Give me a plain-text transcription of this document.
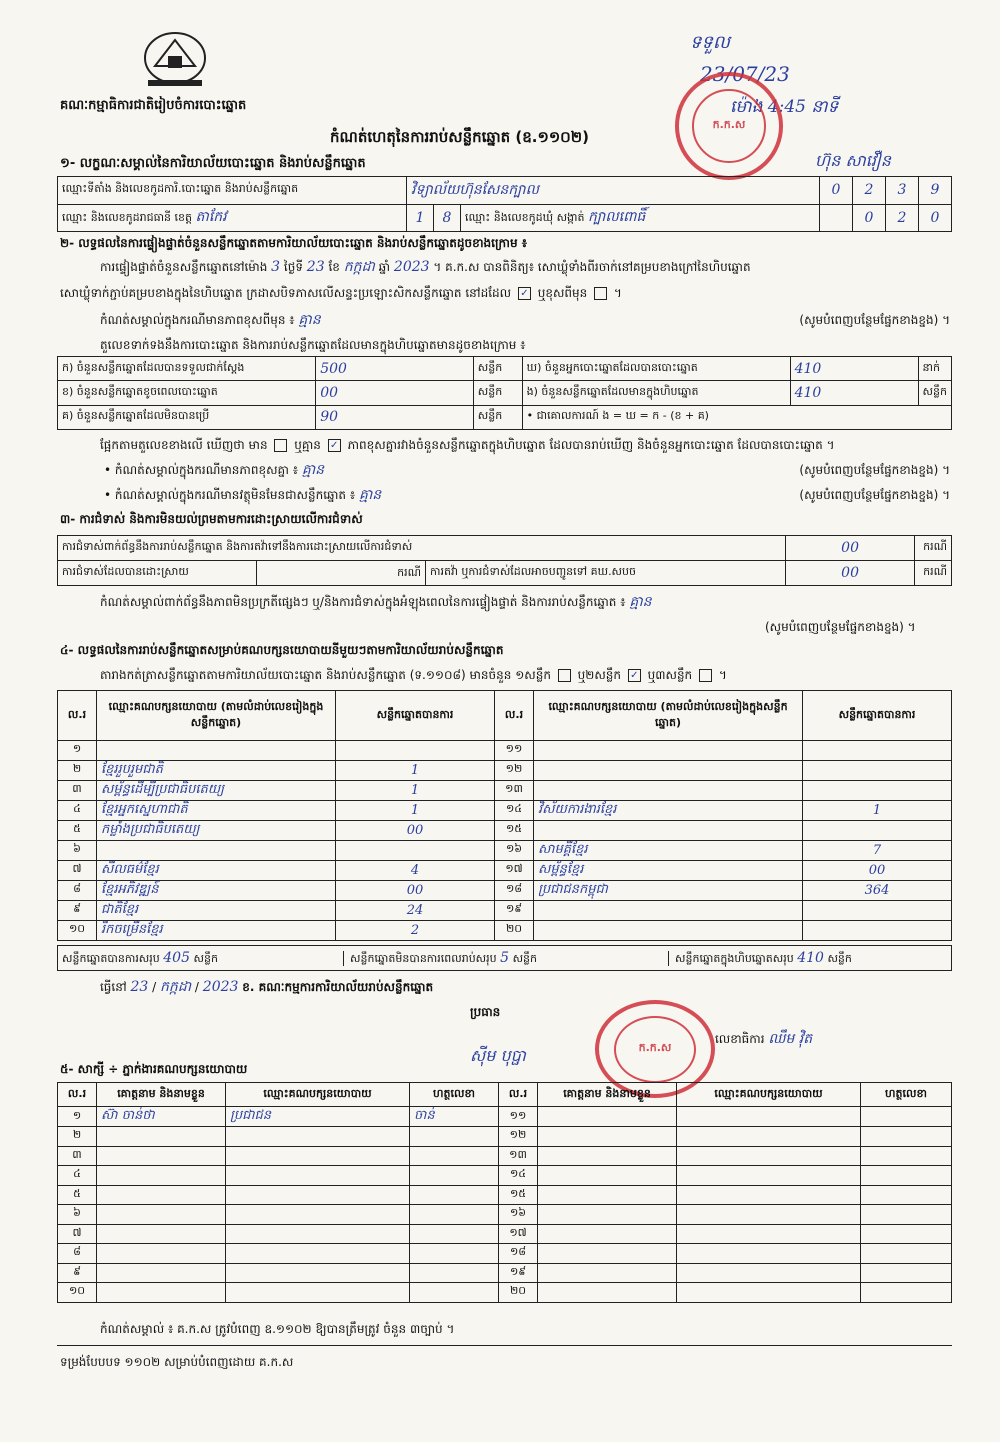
គណៈកម្មាធិការជាតិរៀបចំការបោះឆ្នោត
កំណត់ហេតុនៃការរាប់សន្លឹកឆ្នោត (ឧ.១១០២)
ទទួល
23/07/23
ម៉ោង 4:45 នាទី
ហ៊ុន សាវឿន
ក.ក.ស
១- លក្ខណៈសម្គាល់នៃការិយាល័យបោះឆ្នោត និងរាប់សន្លឹកឆ្នោត
ឈ្មោះទីតាំង និងលេខកូដការិ.បោះឆ្នោត និងរាប់សន្លឹកឆ្នោត	វិទ្យាល័យហ៊ុនសែនក្បាល			0	2	3	9
ឈ្មោះ និងលេខកូដរាជធានី ខេត្ត តាកែវ	1	8	ឈ្មោះ និងលេខកូដឃុំ សង្កាត់ ក្បាលពោធិ៍		0	2	0
២- លទ្ធផលនៃការផ្ទៀងផ្ទាត់ចំនួនសន្លឹកឆ្នោតតាមការិយាល័យបោះឆ្នោត និងរាប់សន្លឹកឆ្នោតដូចខាងក្រោម ៖
ការផ្ទៀងផ្ទាត់ចំនួនសន្លឹកឆ្នោតនៅម៉ោង 3 ថ្ងៃទី 23 ខែ កក្កដា ឆ្នាំ 2023 ។ គ.ក.ស បានពិនិត្យ៖ សោឃ្លុំទាំងពីរចាក់នៅគម្របខាងក្រៅនៃហិបឆ្នោត
សោឃ្លុំទាក់ភ្ជាប់គម្របខាងក្នុងនៃហិបឆ្នោត ក្រដាសបិទភាសលើសន្ទះប្រឡោះសិកសន្លឹកឆ្នោត នៅដដែល ✓ ឬខុសពីមុន ។
កំណត់សម្គាល់ក្នុងករណីមានភាពខុសពីមុន ៖ គ្មាន	(សូមបំពេញបន្ថែមផ្នែកខាងខ្នង) ។
តួលេខទាក់ទងនឹងការបោះឆ្នោត និងការរាប់សន្លឹកឆ្នោតដែលមានក្នុងហិបឆ្នោតមានដូចខាងក្រោម ៖
ក) ចំនួនសន្លឹកឆ្នោតដែលបានទទួលជាក់ស្តែង	500	សន្លឹក	ឃ) ចំនួនអ្នកបោះឆ្នោតដែលបានបោះឆ្នោត	410	នាក់
ខ) ចំនួនសន្លឹកឆ្នោតខូចពេលបោះឆ្នោត	00	សន្លឹក	ង) ចំនួនសន្លឹកឆ្នោតដែលមានក្នុងហិបឆ្នោត	410	សន្លឹក
គ) ចំនួនសន្លឹកឆ្នោតដែលមិនបានប្រើ	90	សន្លឹក	• ជាគោលការណ៍ ង = ឃ = ក - (ខ + គ)		
ផ្អែកតាមតួលេខខាងលើ ឃើញថា មាន ឬគ្មាន ✓ ភាពខុសគ្នារវាងចំនួនសន្លឹកឆ្នោតក្នុងហិបឆ្នោត ដែលបានរាប់ឃើញ និងចំនួនអ្នកបោះឆ្នោត ដែលបានបោះឆ្នោត ។
• កំណត់សម្គាល់ក្នុងករណីមានភាពខុសគ្នា ៖ គ្មាន	(សូមបំពេញបន្ថែមផ្នែកខាងខ្នង) ។
• កំណត់សម្គាល់ក្នុងករណីមានវត្ថុមិនមែនជាសន្លឹកឆ្នោត ៖ គ្មាន	(សូមបំពេញបន្ថែមផ្នែកខាងខ្នង) ។
៣- ការជំទាស់ និងការមិនយល់ព្រមតាមការដោះស្រាយលើការជំទាស់
ការជំទាស់ពាក់ព័ន្ធនឹងការរាប់សន្លឹកឆ្នោត និងការតវ៉ាទៅនឹងការដោះស្រាយលើការជំទាស់			00	ករណី
ការជំទាស់ដែលបានដោះស្រាយ	ករណី	ការតវ៉ា ឬការជំទាស់ដែលអាចបញ្ជូនទៅ គឃ.សបច	00	ករណី
កំណត់សម្គាល់ពាក់ព័ន្ធនឹងភាពមិនប្រក្រតីផ្សេងៗ ឬ/និងការជំទាស់ក្នុងអំឡុងពេលនៃការផ្ទៀងផ្ទាត់ និងការរាប់សន្លឹកឆ្នោត ៖ គ្មាន
(សូមបំពេញបន្ថែមផ្នែកខាងខ្នង) ។
៤- លទ្ធផលនៃការរាប់សន្លឹកឆ្នោតសម្រាប់គណបក្សនយោបាយនីមួយៗតាមការិយាល័យរាប់សន្លឹកឆ្នោត
តារាងកត់ត្រាសន្លឹកឆ្នោតតាមការិយាល័យបោះឆ្នោត និងរាប់សន្លឹកឆ្នោត (ទ.១១០៨) មានចំនួន ១សន្លឹក ឬ២សន្លឹក ✓ ឬ៣សន្លឹក ។
ល.រ	ឈ្មោះគណបក្សនយោបាយ (តាមលំដាប់លេខរៀងក្នុងសន្លឹកឆ្នោត)	សន្លឹកឆ្នោតបានការ	ល.រ	ឈ្មោះគណបក្សនយោបាយ (តាមលំដាប់លេខរៀងក្នុងសន្លឹកឆ្នោត)	សន្លឹកឆ្នោតបានការ
១			១១		
២	ខ្មែររួបរួមជាតិ	1	១២		
៣	សម្ព័ន្ធដើម្បីប្រជាធិបតេយ្យ	1	១៣		
៤	ខ្មែរអ្នកស្នេហាជាតិ	1	១៤	វិស័យការងារខ្មែរ	1
៥	កម្លាំងប្រជាធិបតេយ្យ	00	១៥		
៦			១៦	សាមគ្គីខ្មែរ	7
៧	សីលធម៌ខ្មែរ	4	១៧	សម្ព័ន្ធខ្មែរ	00
៨	ខ្មែរអភិវឌ្ឍន៍	00	១៨	ប្រជាជនកម្ពុជា	364
៩	ជាតិខ្មែរ	24	១៩		
១០	រីកចម្រើនខ្មែរ	2	២០		
សន្លឹកឆ្នោតបានការសរុប 405 សន្លឹក	សន្លឹកឆ្នោតមិនបានការពេលរាប់សរុប 5 សន្លឹក	សន្លឹកឆ្នោតក្នុងហិបឆ្នោតសរុប 410 សន្លឹក
ធ្វើនៅ 23 / កក្កដា / 2023 ខ. គណៈកម្មការការិយាល័យរាប់សន្លឹកឆ្នោត
ប្រធាន
ស៊ីម បុប្ផា	ក.ក.ស
លេខាធិការ ឈឹម វ៉ិត
៥- សាក្សី ÷ ភ្នាក់ងារគណបក្សនយោបាយ
ល.រ	គោត្តនាម និងនាមខ្លួន	ឈ្មោះគណបក្សនយោបាយ	ហត្ថលេខា	ល.រ	គោត្តនាម និងនាមខ្លួន	ឈ្មោះគណបក្សនយោបាយ	ហត្ថលេខា
១	ស៊ា ចាន់ថា	ប្រជាជន	ចាន់	១១			
២				១២			
៣				១៣			
៤				១៤			
៥				១៥			
៦				១៦			
៧				១៧			
៨				១៨			
៩				១៩			
១០				២០			
កំណត់សម្គាល់ ៖ គ.ក.ស ត្រូវបំពេញ ឧ.១១០២ ឱ្យបានត្រឹមត្រូវ ចំនួន ៣ច្បាប់ ។
ទម្រង់បែបបទ ១១០២ សម្រាប់បំពេញដោយ គ.ក.ស
